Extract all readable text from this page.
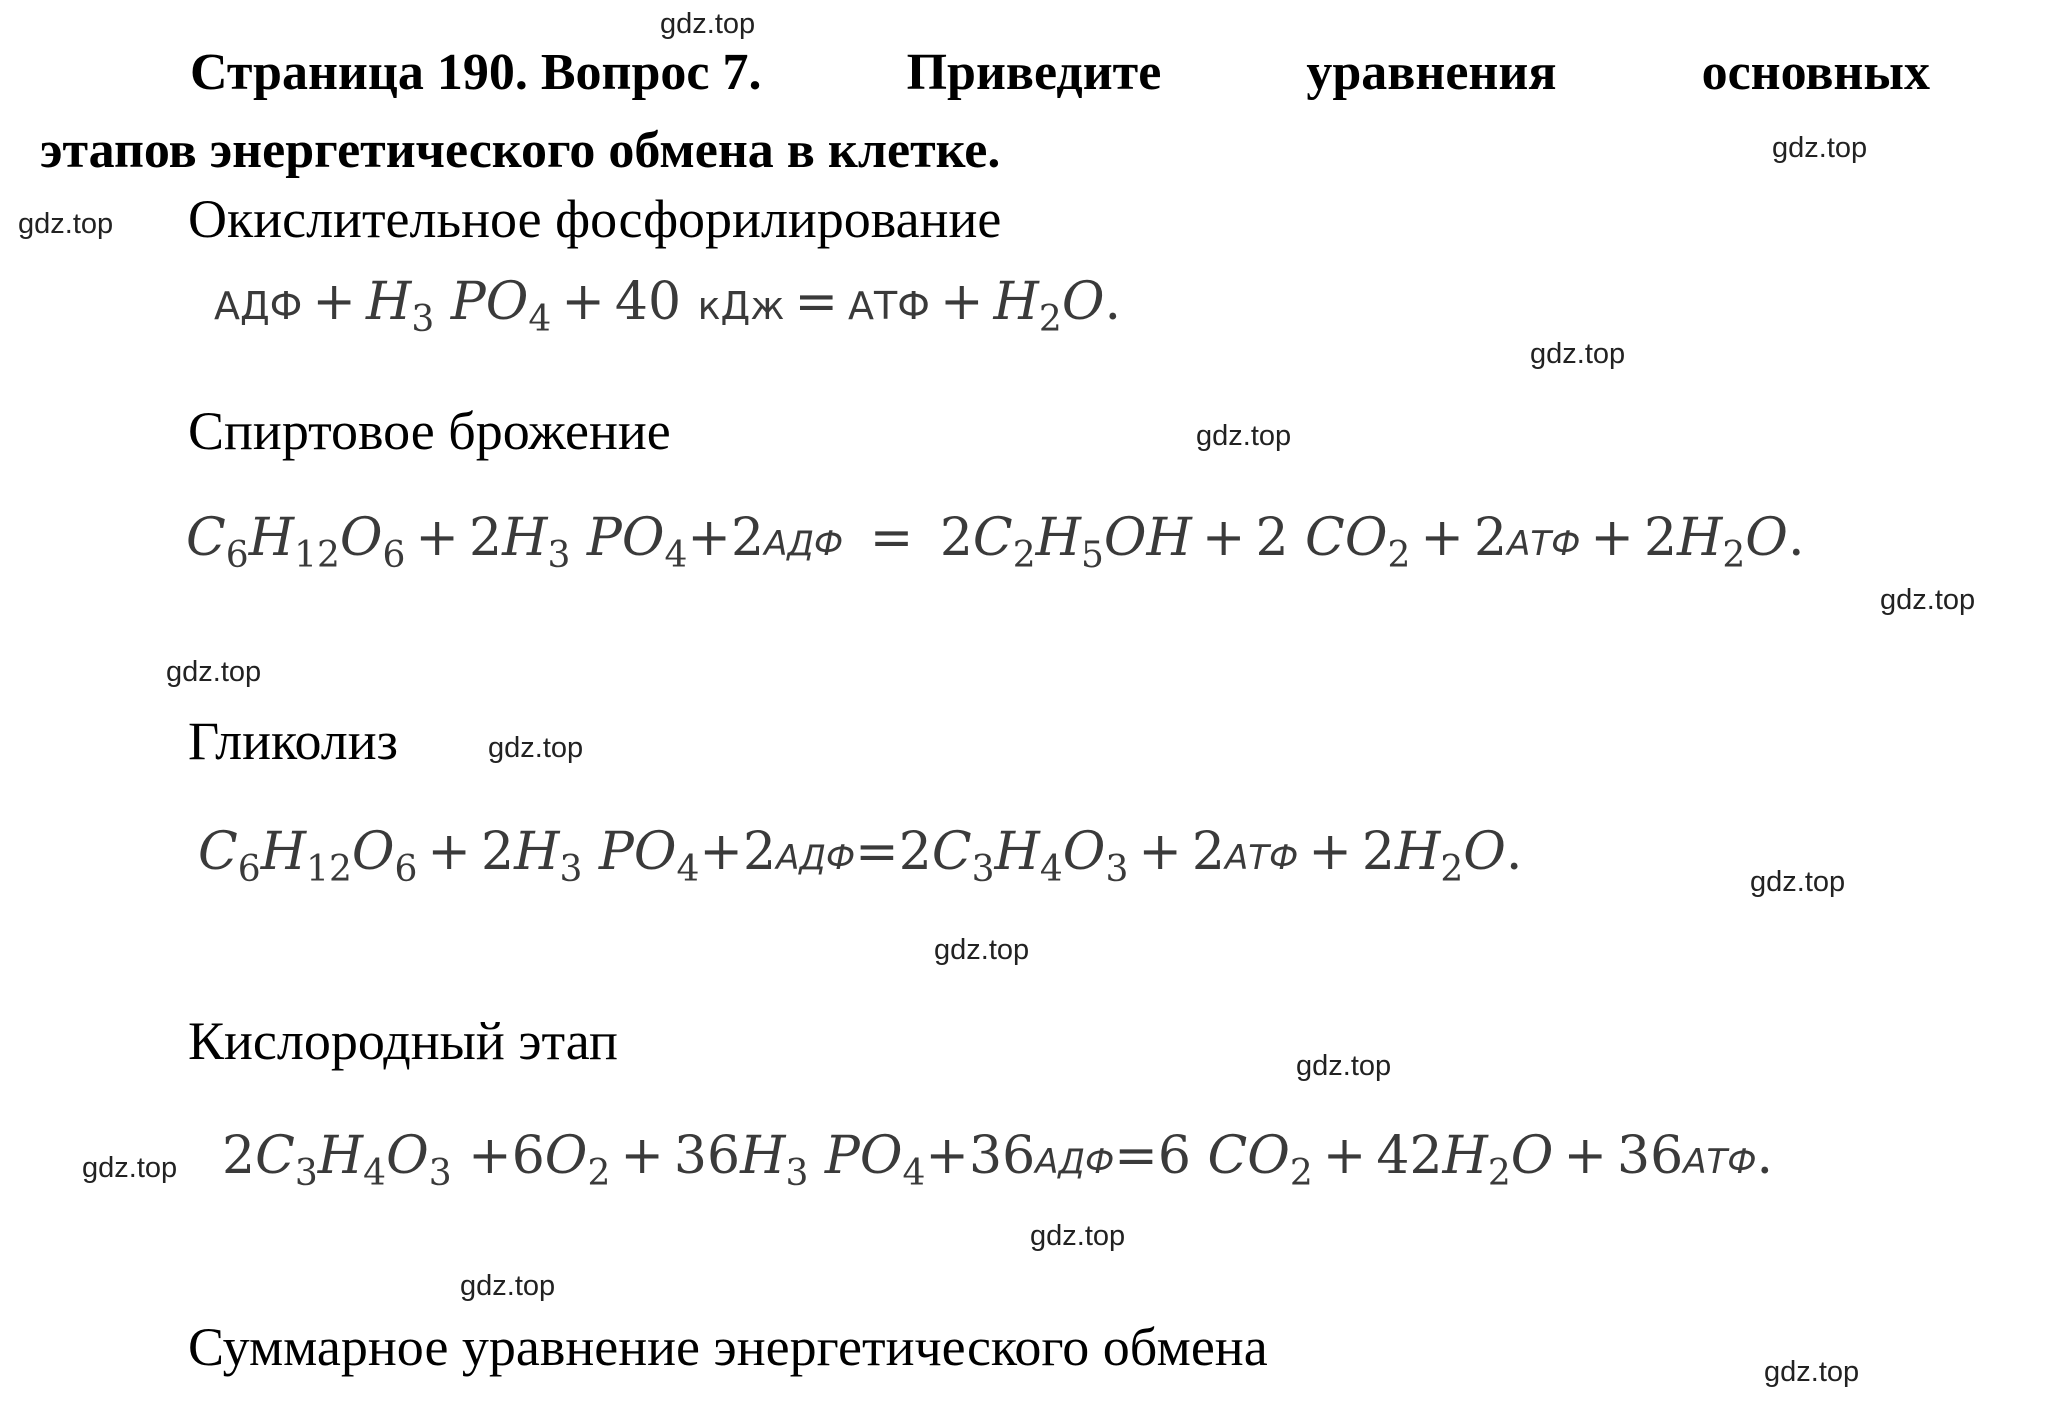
Страница 190. Вопрос 7.	Приведите	уравнения	основных
этапов энергетического обмена в клетке.
Окислительное фосфорилирование
АДФ + $H_3$ $PO_4 + 40$ кДж = АТФ + $H_2O$.
Спиртовое брожение
$C_6H_{12}O_6 + 2H_3$ $PO_4+2АДФ = 2C_2H_5OH + 2$ $CO_2 + 2АТФ + 2H_2O$.
Гликолиз
$C_6H_{12}O_6 + 2H_3$ $PO_4+2АДФ=2C_3H_4O_3 + 2АТФ + 2H_2O$.
Кислородный этап
$2C_3H_4O_3 +6O_2 + 36H_3$ $PO_4+36АДФ=6$ $CO_2 + 42H_2O + 36АТФ$.
Суммарное уравнение энергетического обмена
gdz.top
gdz.top
gdz.top
gdz.top
gdz.top
gdz.top
gdz.top
gdz.top
gdz.top
gdz.top
gdz.top
gdz.top
gdz.top
gdz.top
gdz.top
